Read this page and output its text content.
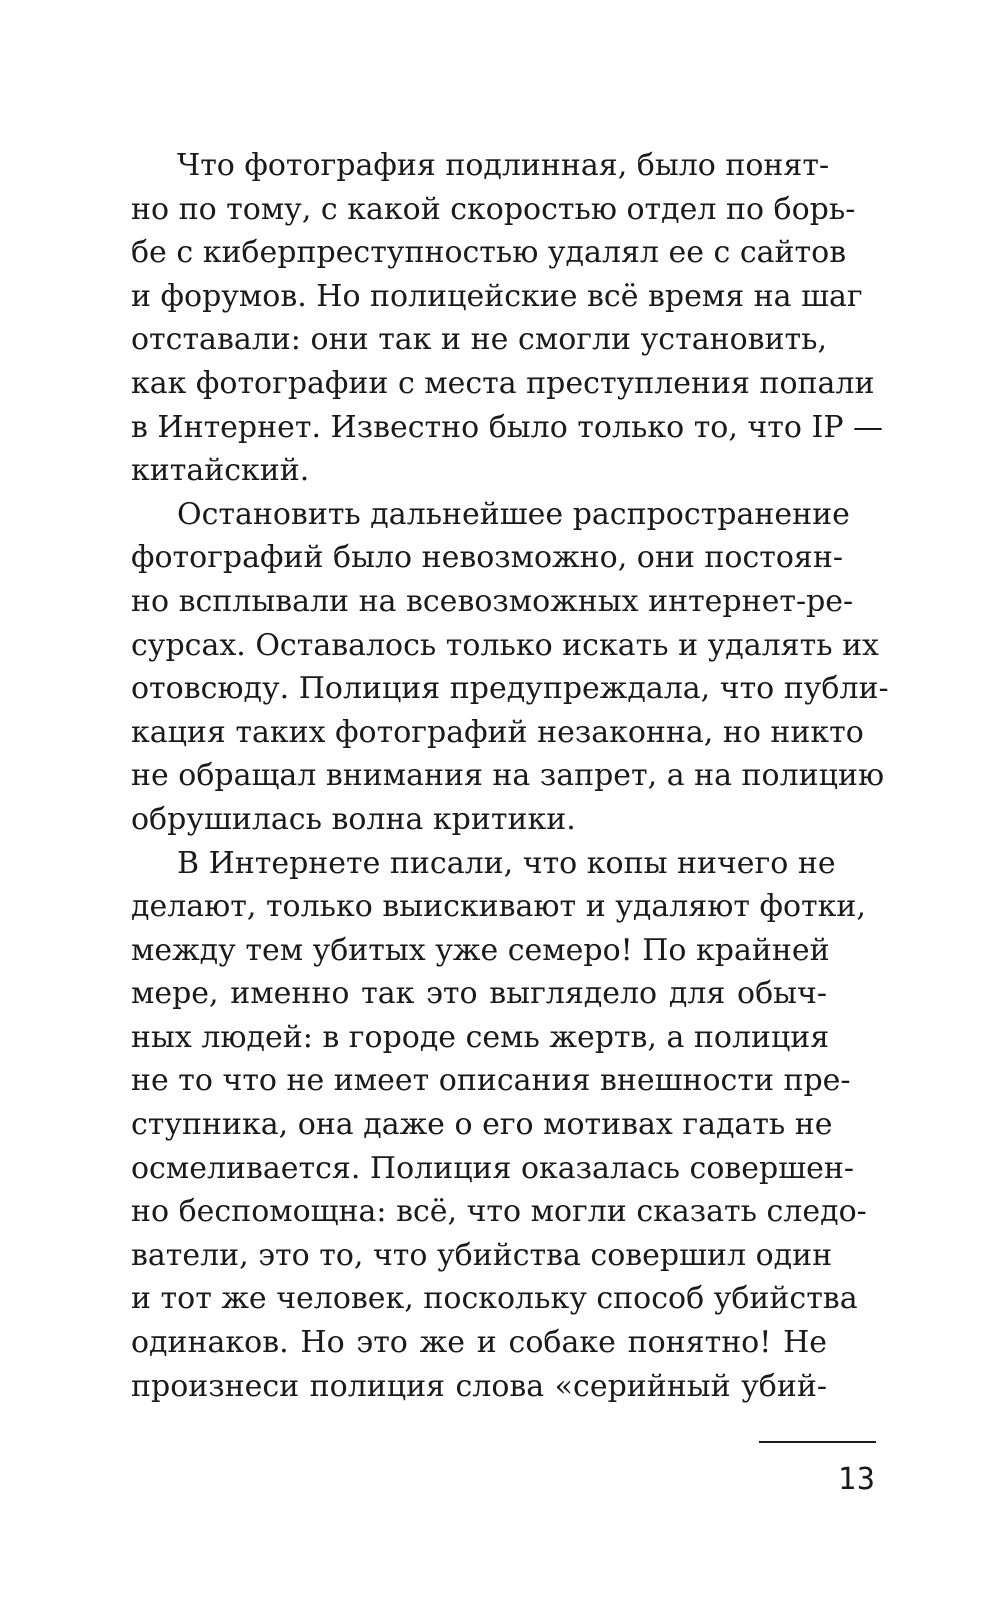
Что фотография подлинная, было понят-
но по тому, с какой скоростью отдел по борь-
бе с киберпреступностью удалял ее с сайтов
и форумов. Но полицейские всё время на шаг
отставали: они так и не смогли установить,
как фотографии с места преступления попали
в Интернет. Известно было только то, что IP —
китайский.
Остановить дальнейшее распространение
фотографий было невозможно, они постоян-
но всплывали на всевозможных интернет-ре-
сурсах. Оставалось только искать и удалять их
отовсюду. Полиция предупреждала, что публи-
кация таких фотографий незаконна, но никто
не обращал внимания на запрет, а на полицию
обрушилась волна критики.
В Интернете писали, что копы ничего не
делают, только выискивают и удаляют фотки,
между тем убитых уже семеро! По крайней
мере, именно так это выглядело для обыч-
ных людей: в городе семь жертв, а полиция
не то что не имеет описания внешности пре-
ступника, она даже о его мотивах гадать не
осмеливается. Полиция оказалась совершен-
но беспомощна: всё, что могли сказать следо-
ватели, это то, что убийства совершил один
и тот же человек, поскольку способ убийства
одинаков. Но это же и собаке понятно! Не
произнеси полиция слова «серийный убий-
13
